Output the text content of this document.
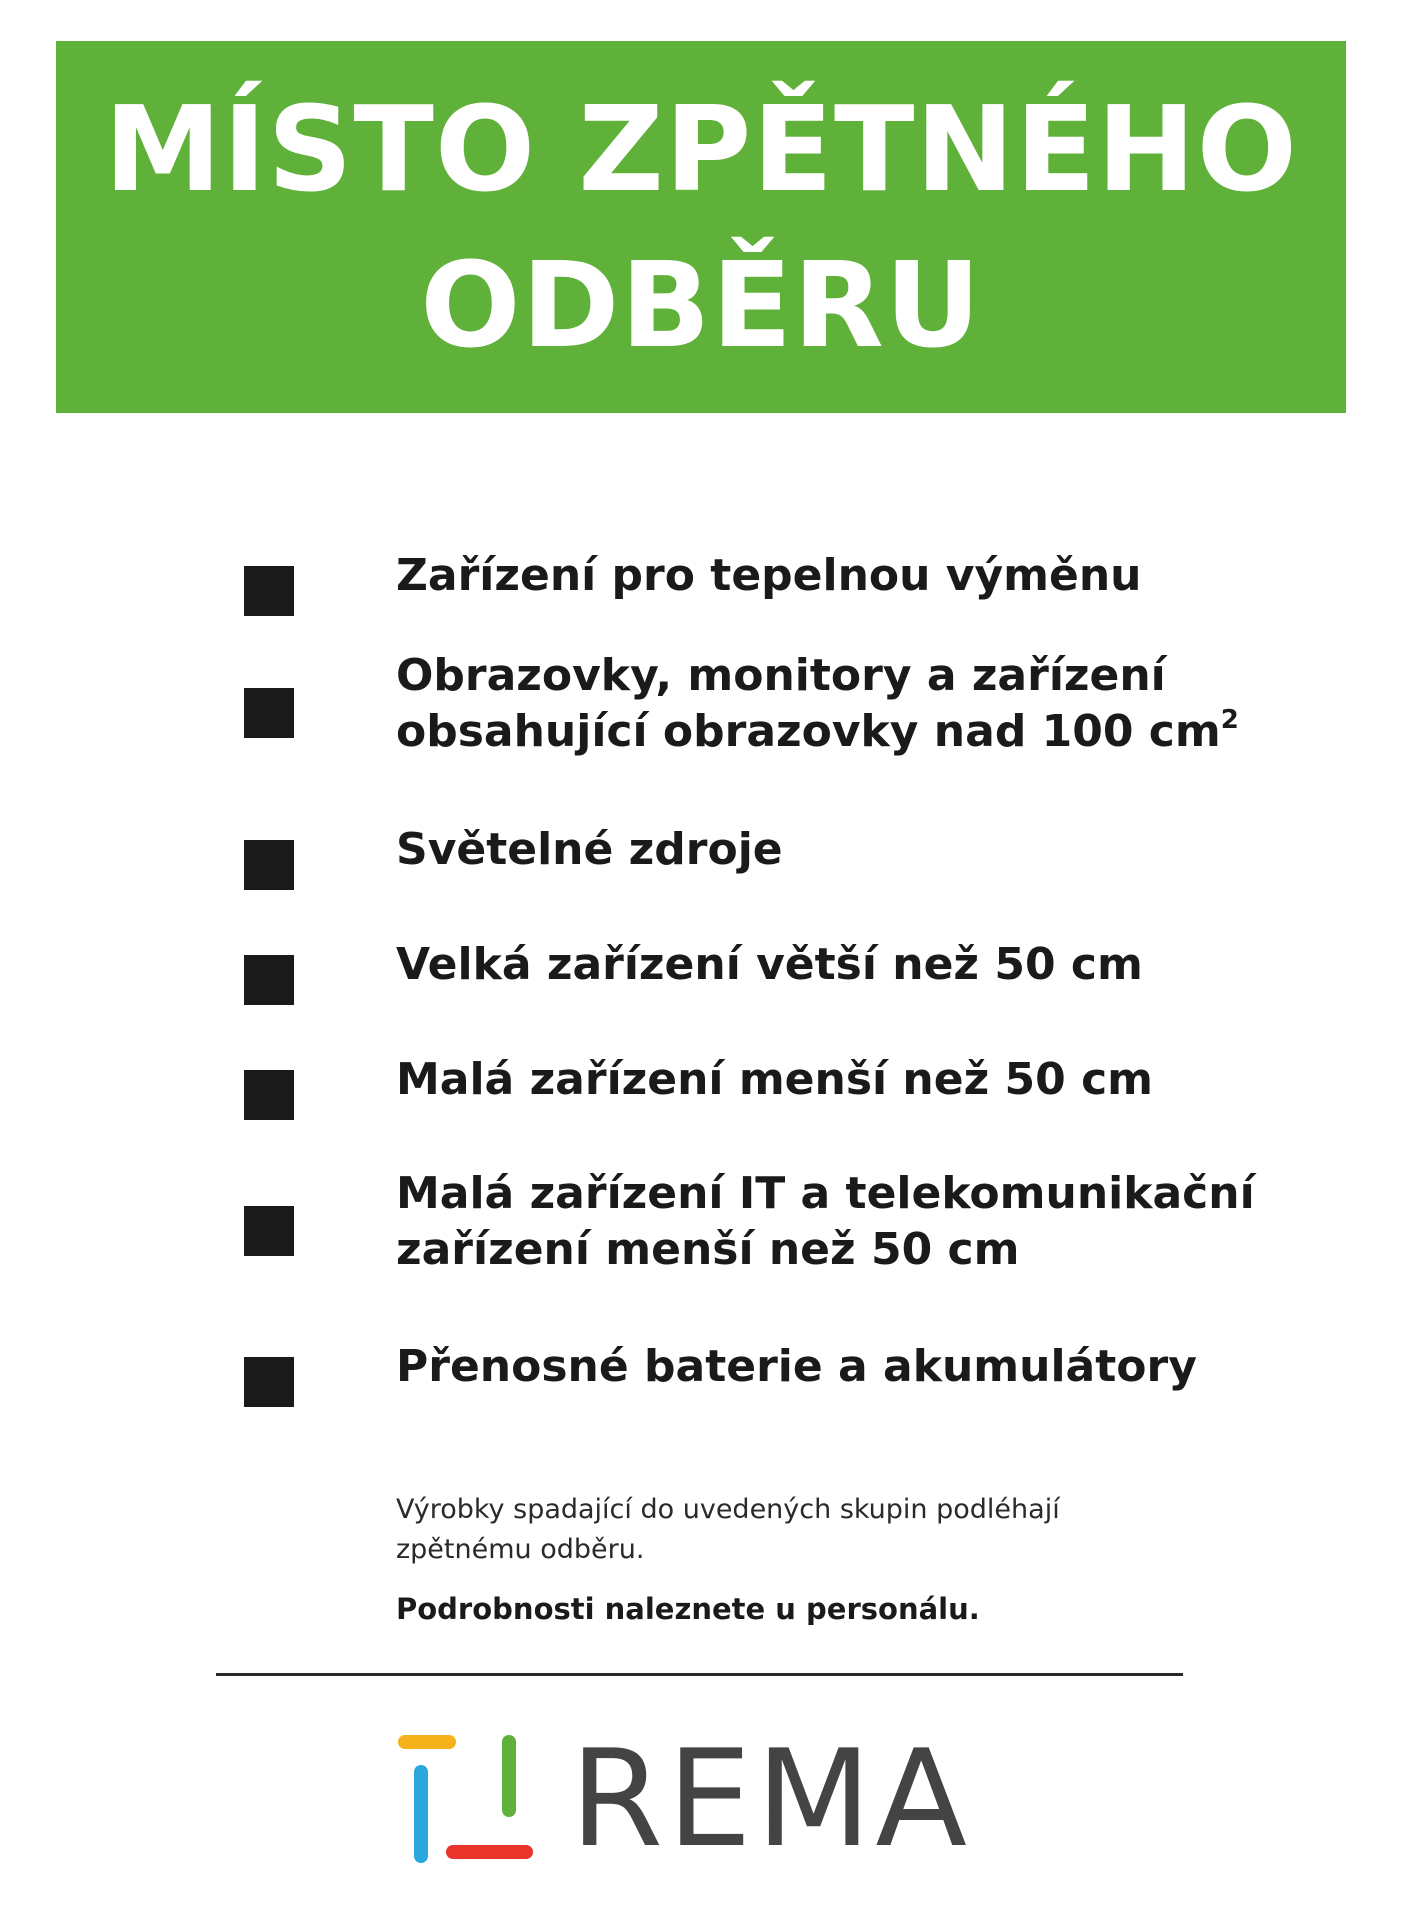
MÍSTO ZPĚTNÉHO
ODBĚRU
Zařízení pro tepelnou výměnu
Obrazovky, monitory a zařízení
obsahující obrazovky nad 100 $cm^2$
Světelné zdroje
Velká zařízení větší než 50 cm
Malá zařízení menší než 50 cm
Malá zařízení IT a telekomunikační
zařízení menší než 50 cm
Přenosné baterie a akumulátory
Výrobky spadající do uvedených skupin podléhají zpětnému odběru.
Podrobnosti naleznete u personálu.
REMA
